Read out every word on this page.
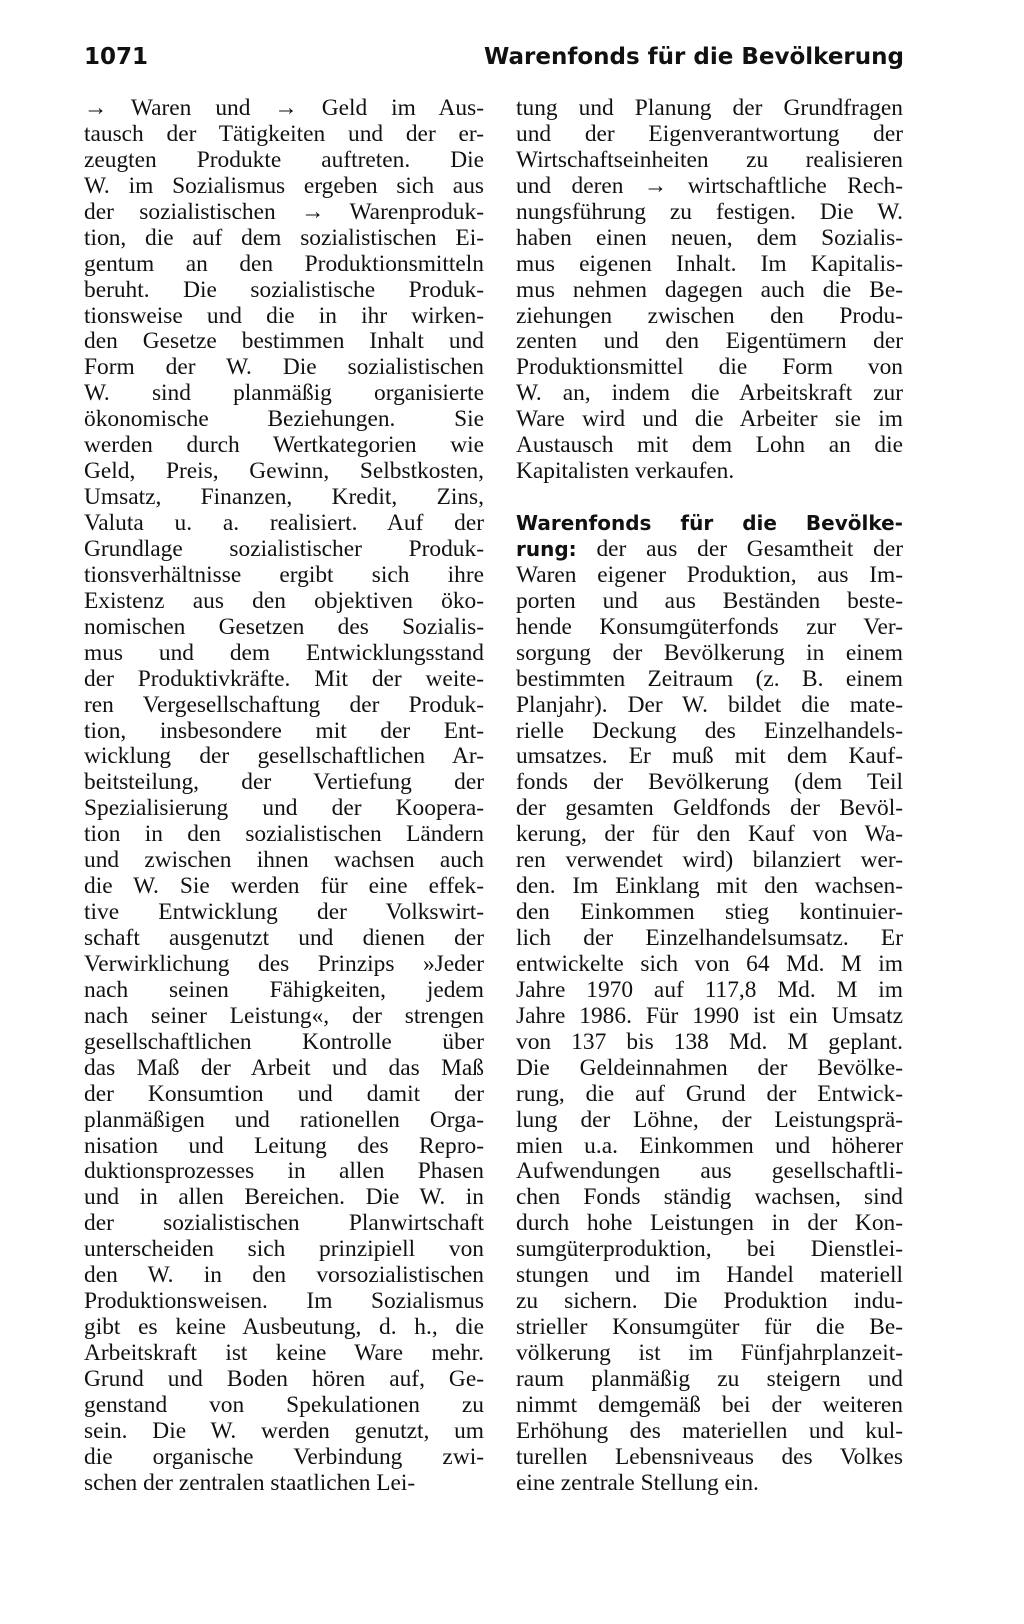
1071	Warenfonds für die Bevölkerung
→ Waren und → Geld im Aus-
tausch der Tätigkeiten und der er-
zeugten Produkte auftreten. Die
W. im Sozialismus ergeben sich aus
der sozialistischen → Warenproduk-
tion, die auf dem sozialistischen Ei-
gentum an den Produktionsmitteln
beruht. Die sozialistische Produk-
tionsweise und die in ihr wirken-
den Gesetze bestimmen Inhalt und
Form der W. Die sozialistischen
W. sind planmäßig organisierte
ökonomische Beziehungen. Sie
werden durch Wertkategorien wie
Geld, Preis, Gewinn, Selbstkosten,
Umsatz, Finanzen, Kredit, Zins,
Valuta u. a. realisiert. Auf der
Grundlage sozialistischer Produk-
tionsverhältnisse ergibt sich ihre
Existenz aus den objektiven öko-
nomischen Gesetzen des Sozialis-
mus und dem Entwicklungsstand
der Produktivkräfte. Mit der weite-
ren Vergesellschaftung der Produk-
tion, insbesondere mit der Ent-
wicklung der gesellschaftlichen Ar-
beitsteilung, der Vertiefung der
Spezialisierung und der Koopera-
tion in den sozialistischen Ländern
und zwischen ihnen wachsen auch
die W. Sie werden für eine effek-
tive Entwicklung der Volkswirt-
schaft ausgenutzt und dienen der
Verwirklichung des Prinzips »Jeder
nach seinen Fähigkeiten, jedem
nach seiner Leistung«, der strengen
gesellschaftlichen Kontrolle über
das Maß der Arbeit und das Maß
der Konsumtion und damit der
planmäßigen und rationellen Orga-
nisation und Leitung des Repro-
duktionsprozesses in allen Phasen
und in allen Bereichen. Die W. in
der sozialistischen Planwirtschaft
unterscheiden sich prinzipiell von
den W. in den vorsozialistischen
Produktionsweisen. Im Sozialismus
gibt es keine Ausbeutung, d. h., die
Arbeitskraft ist keine Ware mehr.
Grund und Boden hören auf, Ge-
genstand von Spekulationen zu
sein. Die W. werden genutzt, um
die organische Verbindung zwi-
schen der zentralen staatlichen Lei-
tung und Planung der Grundfragen
und der Eigenverantwortung der
Wirtschaftseinheiten zu realisieren
und deren → wirtschaftliche Rech-
nungsführung zu festigen. Die W.
haben einen neuen, dem Sozialis-
mus eigenen Inhalt. Im Kapitalis-
mus nehmen dagegen auch die Be-
ziehungen zwischen den Produ-
zenten und den Eigentümern der
Produktionsmittel die Form von
W. an, indem die Arbeitskraft zur
Ware wird und die Arbeiter sie im
Austausch mit dem Lohn an die
Kapitalisten verkaufen.
Warenfonds für die Bevölke-
rung: der aus der Gesamtheit der
Waren eigener Produktion, aus Im-
porten und aus Beständen beste-
hende Konsumgüterfonds zur Ver-
sorgung der Bevölkerung in einem
bestimmten Zeitraum (z. B. einem
Planjahr). Der W. bildet die mate-
rielle Deckung des Einzelhandels-
umsatzes. Er muß mit dem Kauf-
fonds der Bevölkerung (dem Teil
der gesamten Geldfonds der Bevöl-
kerung, der für den Kauf von Wa-
ren verwendet wird) bilanziert wer-
den. Im Einklang mit den wachsen-
den Einkommen stieg kontinuier-
lich der Einzelhandelsumsatz. Er
entwickelte sich von 64 Md. M im
Jahre 1970 auf 117,8 Md. M im
Jahre 1986. Für 1990 ist ein Umsatz
von 137 bis 138 Md. M geplant.
Die Geldeinnahmen der Bevölke-
rung, die auf Grund der Entwick-
lung der Löhne, der Leistungsprä-
mien u.a. Einkommen und höherer
Aufwendungen aus gesellschaftli-
chen Fonds ständig wachsen, sind
durch hohe Leistungen in der Kon-
sumgüterproduktion, bei Dienstlei-
stungen und im Handel materiell
zu sichern. Die Produktion indu-
strieller Konsumgüter für die Be-
völkerung ist im Fünfjahrplanzeit-
raum planmäßig zu steigern und
nimmt demgemäß bei der weiteren
Erhöhung des materiellen und kul-
turellen Lebensniveaus des Volkes
eine zentrale Stellung ein.
